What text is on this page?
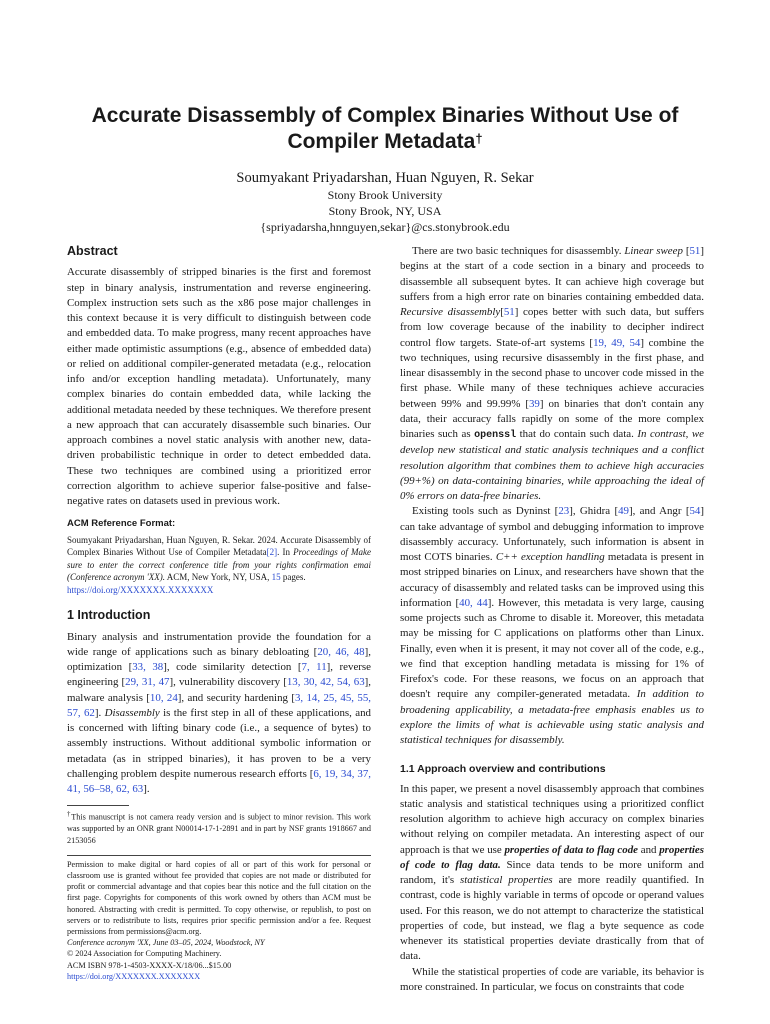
Accurate Disassembly of Complex Binaries Without Use of
Compiler Metadata†
Soumyakant Priyadarshan, Huan Nguyen, R. Sekar
Stony Brook University
Stony Brook, NY, USA
{spriyadarsha,hnnguyen,sekar}@cs.stonybrook.edu

Abstract

Accurate disassembly of stripped binaries is the first and foremost step in binary analysis, instrumentation and reverse engineering. Complex instruction sets such as the x86 pose major challenges in this context because it is very difficult to distinguish between code and embedded data. To make progress, many recent approaches have either made optimistic assumptions (e.g., absence of embedded data) or relied on additional compiler-generated metadata (e.g., relocation info and/or exception handling metadata). Unfortunately, many complex binaries do contain embedded data, while lacking the additional metadata needed by these techniques. We therefore present a new approach that can accurately disassemble such binaries. Our approach combines a novel static analysis with another new, data-driven probabilistic technique in order to detect embedded data. These two techniques are combined using a prioritized error correction algorithm to achieve superior false-positive and false-negative rates on datasets used in previous work.

ACM Reference Format:

Soumyakant Priyadarshan, Huan Nguyen, R. Sekar. 2024. Accurate Disassembly of Complex Binaries Without Use of Compiler Metadata[2]. In Proceedings of Make sure to enter the correct conference title from your rights confirmation emai (Conference acronym 'XX). ACM, New York, NY, USA, 15 pages.
https://doi.org/XXXXXXX.XXXXXXX

1 Introduction

Binary analysis and instrumentation provide the foundation for a wide range of applications such as binary debloating [20, 46, 48], optimization [33, 38], code similarity detection [7, 11], reverse engineering [29, 31, 47], vulnerability discovery [13, 30, 42, 54, 63], malware analysis [10, 24], and security hardening [3, 14, 25, 45, 55, 57, 62]. Disassembly is the first step in all of these applications, and is concerned with lifting binary code (i.e., a sequence of bytes) to assembly instructions. Without additional symbolic information or metadata (as in stripped binaries), it has proven to be a very challenging problem despite numerous research efforts [6, 19, 34, 37, 41, 56–58, 62, 63].

†This manuscript is not camera ready version and is subject to minor revision. This work was supported by an ONR grant N00014-17-1-2891 and in part by NSF grants 1918667 and 2153056

Permission to make digital or hard copies of all or part of this work for personal or classroom use is granted without fee provided that copies are not made or distributed for profit or commercial advantage and that copies bear this notice and the full citation on the first page. Copyrights for components of this work owned by others than ACM must be honored. Abstracting with credit is permitted. To copy otherwise, or republish, to post on servers or to redistribute to lists, requires prior specific permission and/or a fee. Request permissions from permissions@acm.org.

Conference acronym 'XX, June 03–05, 2024, Woodstock, NY

© 2024 Association for Computing Machinery.

ACM ISBN 978-1-4503-XXXX-X/18/06...$15.00

https://doi.org/XXXXXXX.XXXXXXX

There are two basic techniques for disassembly. Linear sweep [51] begins at the start of a code section in a binary and proceeds to disassemble all subsequent bytes. It can achieve high coverage but suffers from a high error rate on binaries containing embedded data. Recursive disassembly[51] copes better with such data, but suffers from low coverage because of the inability to decipher indirect control flow targets. State-of-art systems [19, 49, 54] combine the two techniques, using recursive disassembly in the first phase, and linear disassembly in the second phase to uncover code missed in the first phase. While many of these techniques achieve accuracies between 99% and 99.99% [39] on binaries that don't contain any data, their accuracy falls rapidly on some of the more complex binaries such as openssl that do contain such data. In contrast, we develop new statistical and static analysis techniques and a conflict resolution algorithm that combines them to achieve high accuracies (99+%) on data-containing binaries, while approaching the ideal of 0% errors on data-free binaries.

Existing tools such as Dyninst [23], Ghidra [49], and Angr [54] can take advantage of symbol and debugging information to improve disassembly accuracy. Unfortunately, such information is absent in most COTS binaries. C++ exception handling metadata is present in most stripped binaries on Linux, and researchers have shown that the accuracy of disassembly and related tasks can be improved using this information [40, 44]. However, this metadata is very large, causing some projects such as Chrome to disable it. Moreover, this metadata may be missing for C applications on platforms other than Linux. Finally, even when it is present, it may not cover all of the code, e.g., we find that exception handling metadata is missing for 1% of Firefox's code. For these reasons, we focus on an approach that doesn't require any compiler-generated metadata. In addition to broadening applicability, a metadata-free emphasis enables us to explore the limits of what is achievable using static analysis and statistical techniques for disassembly.

1.1 Approach overview and contributions

In this paper, we present a novel disassembly approach that combines static analysis and statistical techniques using a prioritized conflict resolution algorithm to achieve high accuracy on complex binaries without relying on compiler metadata. An interesting aspect of our approach is that we use properties of data to flag code and properties of code to flag data. Since data tends to be more uniform and random, it's statistical properties are more readily quantified. In contrast, code is highly variable in terms of opcode or operand values used. For this reason, we do not attempt to characterize the statistical properties of code, but instead, we flag a byte sequence as code whenever its statistical properties deviate drastically from that of data.

While the statistical properties of code are variable, its behavior is more constrained. In particular, we focus on constraints that code
